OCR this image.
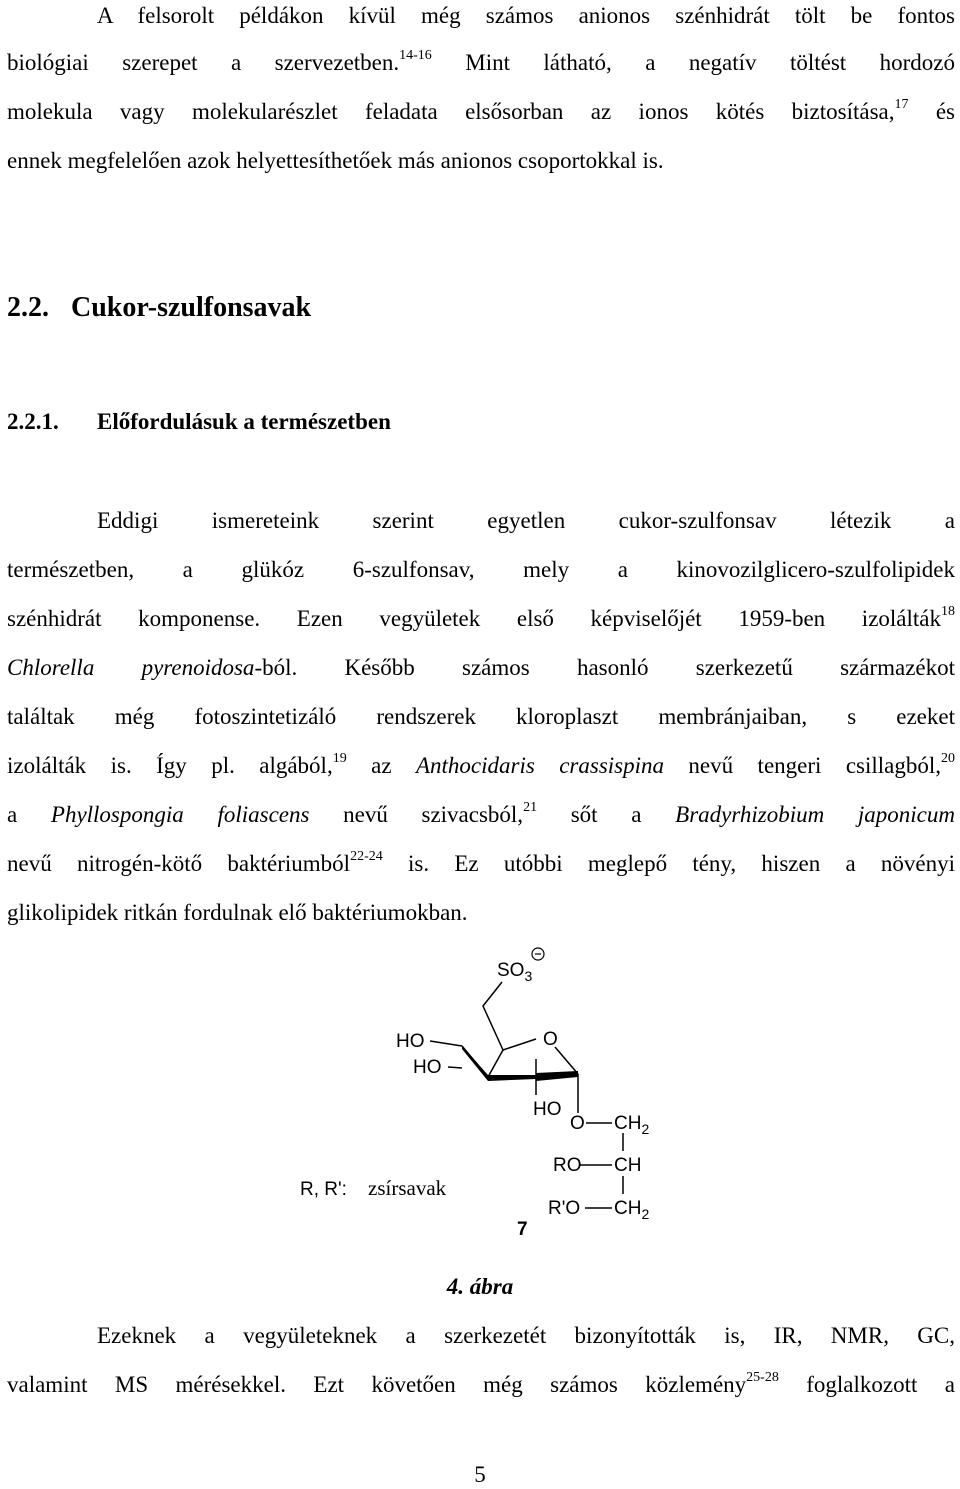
A felsorolt példákon kívül még számos anionos szénhidrát tölt be fontos
biológiai szerepet a szervezetben.$^{14-16}$ Mint látható, a negatív töltést hordozó
molekula vagy molekularészlet feladata elsősorban az ionos kötés biztosítása,$^{17}$ és
ennek megfelelően azok helyettesíthetőek más anionos csoportokkal is.
2.2. Cukor-szulfonsavak
2.2.1. Előfordulásuk a természetben
Eddigi ismereteink szerint egyetlen cukor-szulfonsav létezik a
természetben, a glükóz 6-szulfonsav, mely a kinovozilglicero-szulfolipidek
szénhidrát komponense. Ezen vegyületek első képviselőjét 1959-ben izolálták$^{18}$
Chlorella pyrenoidosa-ból. Később számos hasonló szerkezetű származékot
találtak még fotoszintetizáló rendszerek kloroplaszt membránjaiban, s ezeket
izolálták is. Így pl. algából,$^{19}$ az Anthocidaris crassispina nevű tengeri csillagból,$^{20}$
a Phyllospongia foliascens nevű szivacsból,$^{21}$ sőt a Bradyrhizobium japonicum
nevű nitrogén-kötő baktériumból$^{22-24}$ is. Ez utóbbi meglepő tény, hiszen a növényi
glikolipidek ritkán fordulnak elő baktériumokban.
$SO_3$
O
HO
HO
HO
O $CH_2$
RO CH
R'O $CH_2$
R, R': zsírsavak
7
4. ábra
Ezeknek a vegyületeknek a szerkezetét bizonyították is, IR, NMR, GC,
valamint MS mérésekkel. Ezt követően még számos közlemény$^{25-28}$ foglalkozott a
5
